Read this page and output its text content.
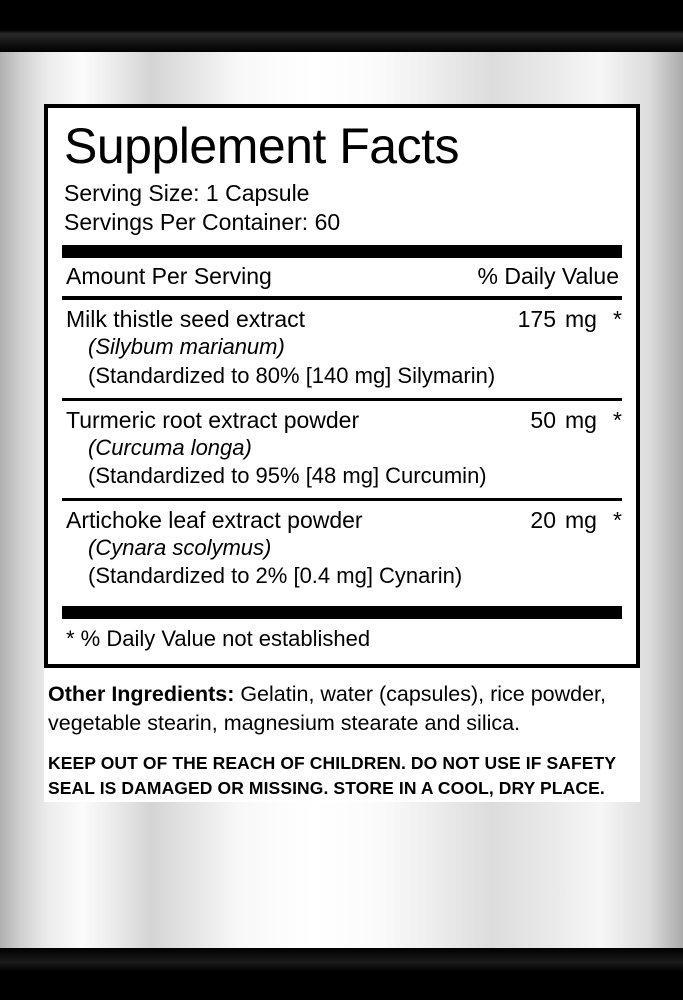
Supplement Facts
Serving Size: 1 Capsule
Servings Per Container: 60
Amount Per Serving	% Daily Value
Milk thistle seed extract	175 mg *
(Silybum marianum)
(Standardized to 80% [140 mg] Silymarin)
Turmeric root extract powder	50 mg *
(Curcuma longa)
(Standardized to 95% [48 mg] Curcumin)
Artichoke leaf extract powder	20 mg *
(Cynara scolymus)
(Standardized to 2% [0.4 mg] Cynarin)
* % Daily Value not established
Other Ingredients: Gelatin, water (capsules), rice powder, vegetable stearin, magnesium stearate and silica.
KEEP OUT OF THE REACH OF CHILDREN. DO NOT USE IF SAFETY SEAL IS DAMAGED OR MISSING. STORE IN A COOL, DRY PLACE.
